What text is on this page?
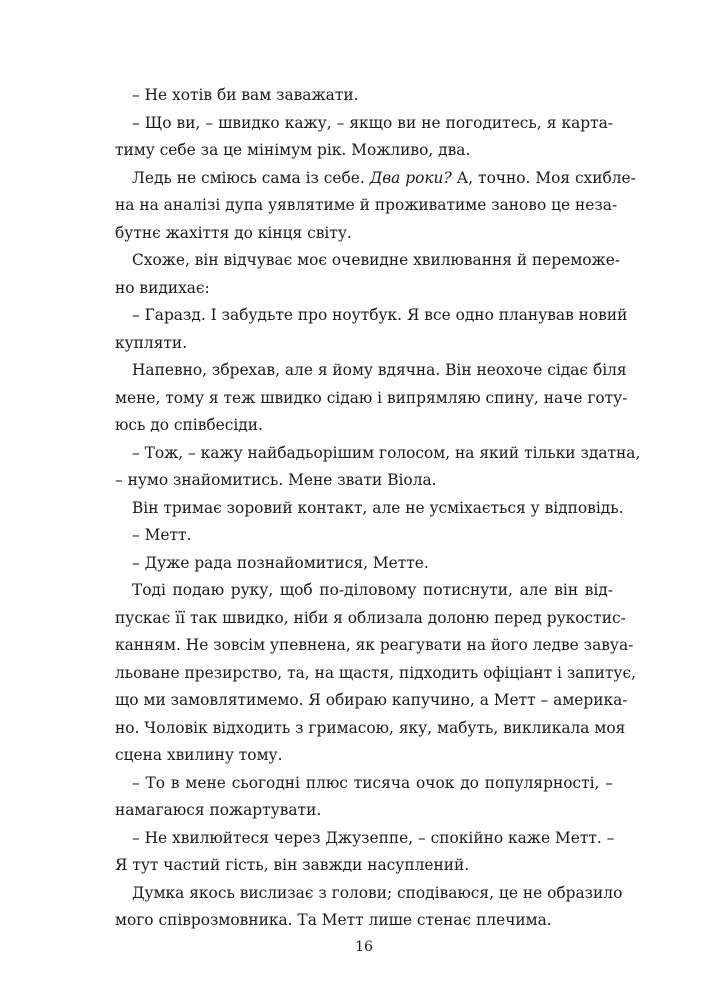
– Не хотів би вам заважати.
– Що ви, – швидко кажу, – якщо ви не погодитесь, я карта-
тиму себе за це мінімум рік. Можливо, два.
Ледь не сміюсь сама із себе. Два роки? А, точно. Моя схибле-
на на аналізі дупа уявлятиме й проживатиме заново це неза-
бутнє жахіття до кінця світу.
Схоже, він відчуває моє очевидне хвилювання й переможе-
но видихає:
– Гаразд. І забудьте про ноутбук. Я все одно планував новий
купляти.
Напевно, збрехав, але я йому вдячна. Він неохоче сідає біля
мене, тому я теж швидко сідаю і випрямляю спину, наче готу-
юсь до співбесіди.
– Тож, – кажу найбадьорішим голосом, на який тільки здатна,
– нумо знайомитись. Мене звати Віола.
Він тримає зоровий контакт, але не усміхається у відповідь.
– Метт.
– Дуже рада познайомитися, Метте.
Тоді подаю руку, щоб по-діловому потиснути, але він від-
пускає її так швидко, ніби я облизала долоню перед рукостис-
канням. Не зовсім упевнена, як реагувати на його ледве завуа-
льоване презирство, та, на щастя, підходить офіціант і запитує,
що ми замовлятимемо. Я обираю капучино, а Метт – америка-
но. Чоловік відходить з гримасою, яку, мабуть, викликала моя
сцена хвилину тому.
– То в мене сьогодні плюс тисяча очок до популярності, –
намагаюся пожартувати.
– Не хвилюйтеся через Джузеппе, – спокійно каже Метт. –
Я тут частий гість, він завжди насуплений.
Думка якось вислизає з голови; сподіваюся, це не образило
мого співрозмовника. Та Метт лише стенає плечима.
16
